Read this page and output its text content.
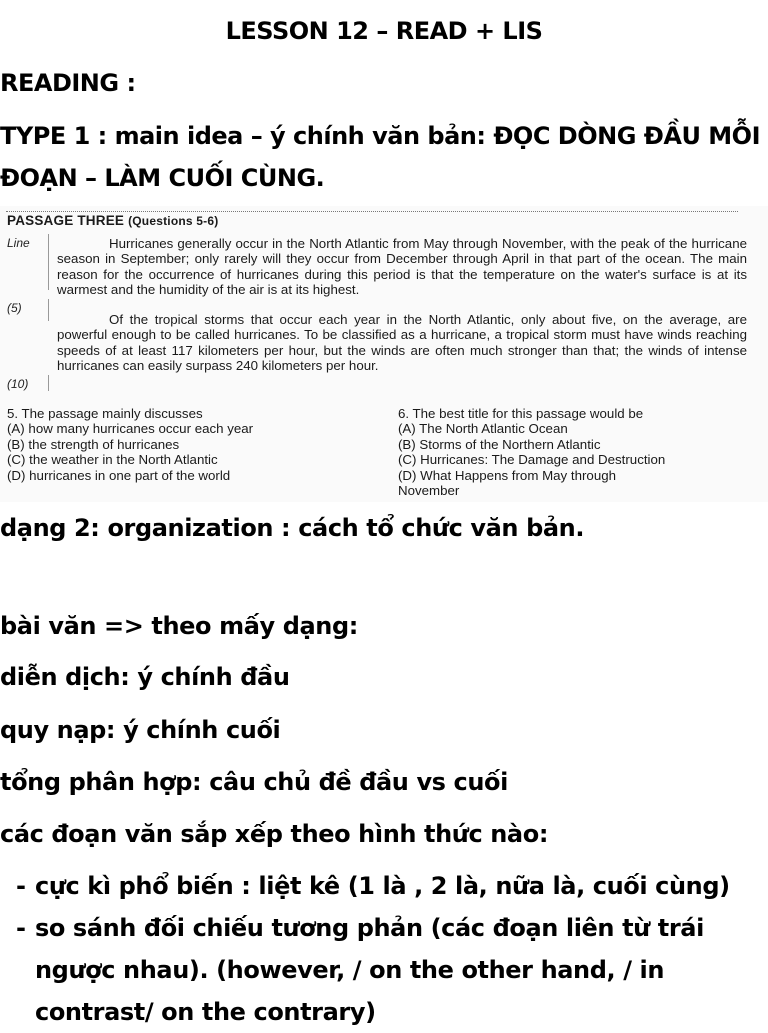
LESSON 12 – READ + LIS
READING :
TYPE 1 : main idea – ý chính văn bản: ĐỌC DÒNG ĐẦU MỖI
ĐOẠN – LÀM CUỐI CÙNG.
PASSAGE THREE (Questions 5-6)
Line
(5)
(10)

Hurricanes generally occur in the North Atlantic from May through November, with the peak of the hurricane season in September; only rarely will they occur from December through April in that part of the ocean. The main reason for the occurrence of hurricanes during this period is that the temperature on the water's surface is at its warmest and the humidity of the air is at its highest.

Of the tropical storms that occur each year in the North Atlantic, only about five, on the average, are powerful enough to be called hurricanes. To be classified as a hurricane, a tropical storm must have winds reaching speeds of at least 117 kilometers per hour, but the winds are often much stronger than that; the winds of intense hurricanes can easily surpass 240 kilometers per hour.

5. The passage mainly discusses
(A) how many hurricanes occur each year
(B) the strength of hurricanes
(C) the weather in the North Atlantic
(D) hurricanes in one part of the world
6. The best title for this passage would be
(A) The North Atlantic Ocean
(B) Storms of the Northern Atlantic
(C) Hurricanes: The Damage and Destruction
(D) What Happens from May through
November
dạng 2: organization : cách tổ chức văn bản.
bài văn => theo mấy dạng:
diễn dịch: ý chính đầu
quy nạp: ý chính cuối
tổng phân hợp: câu chủ đề đầu vs cuối
các đoạn văn sắp xếp theo hình thức nào:
- cực kì phổ biến : liệt kê (1 là , 2 là, nữa là, cuối cùng)
- so sánh đối chiếu tương phản (các đoạn liên từ trái ngược nhau). (however, / on the other hand, / in contrast/ on the contrary)
